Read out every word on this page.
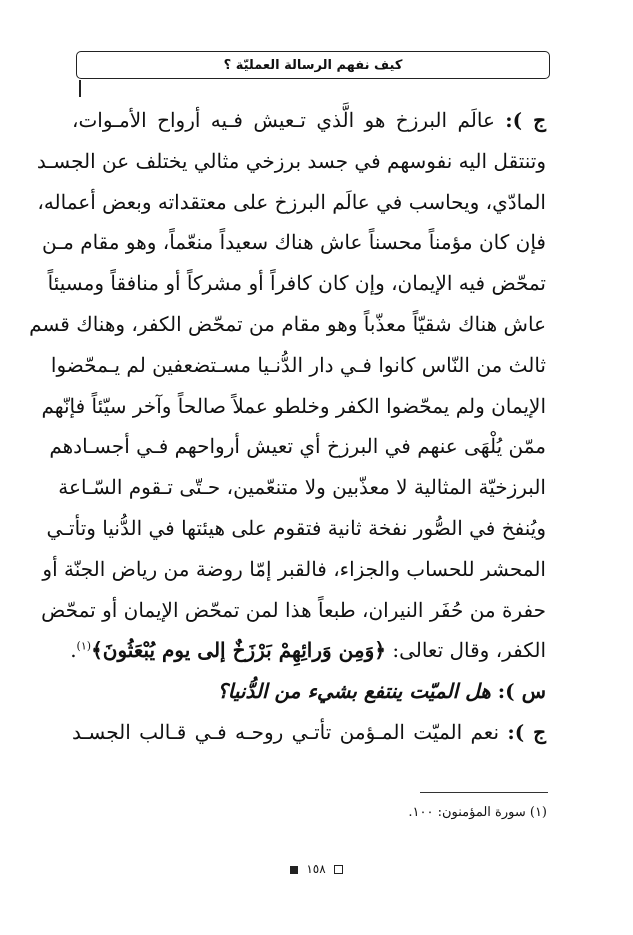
كيف نفهم الرسالة العمليّة ؟
ج ): عالَم البرزخ هو الَّذي تـعيش فـيه أرواح الأمـوات،
وتنتقل اليه نفوسهم في جسد برزخي مثالي يختلف عن الجسـد
المادّي، ويحاسب في عالَم البرزخ على معتقداته وبعض أعماله،
فإن كان مؤمناً محسناً عاش هناك سعيداً منعّماً، وهو مقام مـن
تمحّض فيه الإيمان، وإن كان كافراً أو مشركاً أو منافقاً ومسيئاً
عاش هناك شقيّاً معذّباً وهو مقام من تمحّض الكفر، وهناك قسم
ثالث من النّاس كانوا فـي دار الدُّنـيا مسـتضعفين لم يـمحّضوا
الإيمان ولم يمحّضوا الكفر وخلطو عملاً صالحاً وآخر سيّئاً فإنّهم
ممّن يُلْهَى عنهم في البرزخ أي تعيش أرواحهم فـي أجسـادهم
البرزخيّة المثالية لا معذّبين ولا متنعّمين، حـتّى تـقوم السّـاعة
ويُنفخ في الصُّور نفخة ثانية فتقوم على هيئتها في الدُّنيا وتأتـي
المحشر للحساب والجزاء، فالقبر إمّا روضة من رياض الجنّة أو
حفرة من حُفَر النيران، طبعاً هذا لمن تمحّض الإيمان أو تمحّض
الكفر، وقال تعالى: ﴿وَمِن وَرائِهِمْ بَرْزَخٌ إلى يوم يُبْعَثُونَ﴾$^{(١)}$.
س ): هل الميّت ينتفع بشيء من الدُّنيا؟
ج ): نعم الميّت المـؤمن تأتـي روحـه فـي قـالب الجسـد
(١) سورة المؤمنون: ١٠٠.
١٥٨
